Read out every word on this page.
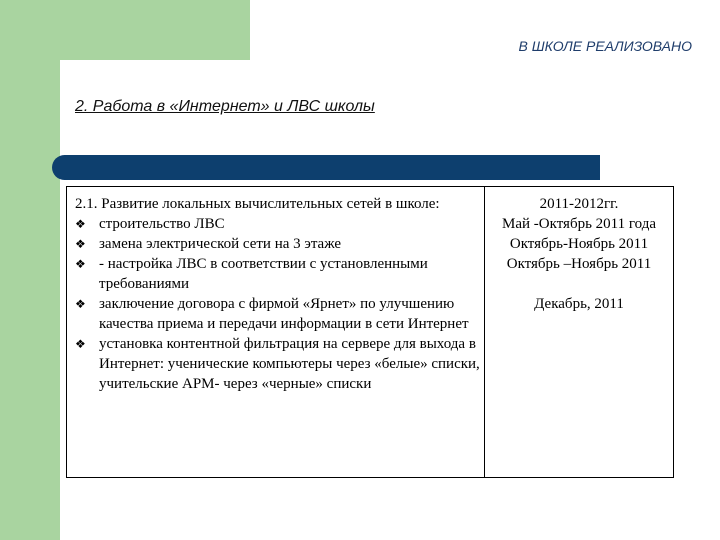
В ШКОЛЕ РЕАЛИЗОВАНО
2. Работа в «Интернет» и ЛВС школы
2.1. Развитие локальных вычислительных сетей в школе:
❖ строительство ЛВС
❖ замена электрической сети на 3 этаже
❖ - настройка ЛВС в соответствии с установленными требованиями
❖ заключение договора с фирмой «Ярнет» по улучшению качества приема и передачи информации в сети Интернет
❖ установка контентной фильтрация на сервере для выхода в Интернет: ученические компьютеры через «белые» списки, учительские АРМ- через «черные» списки
2011-2012гг.
Май -Октябрь 2011 года
Октябрь-Ноябрь 2011
Октябрь –Ноябрь 2011
Декабрь, 2011
